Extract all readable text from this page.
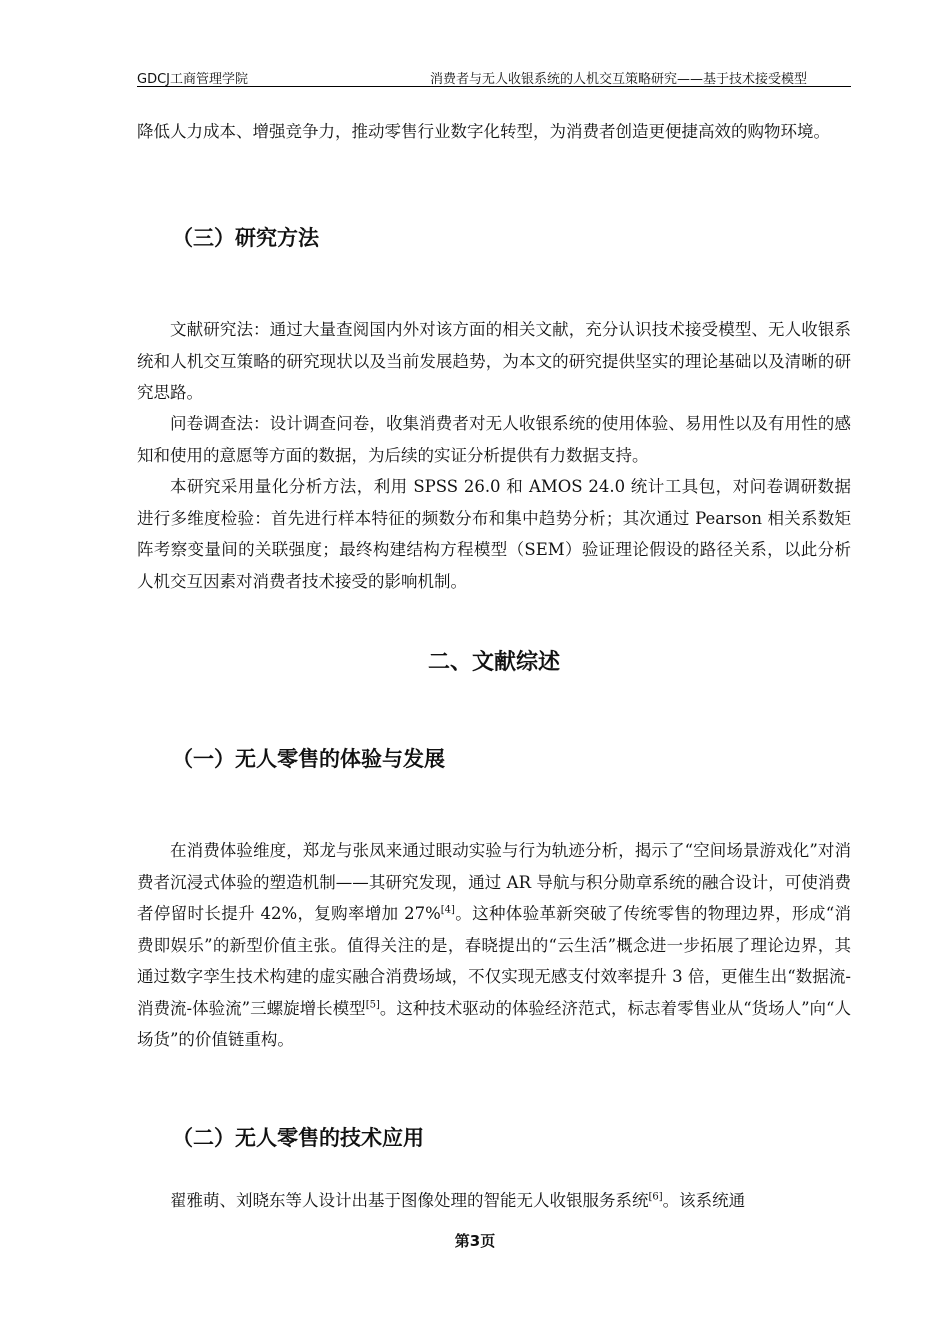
GDCJ工商管理学院	消费者与无人收银系统的人机交互策略研究——基于技术接受模型

降低人力成本、增强竞争力，推动零售行业数字化转型，为消费者创造更便捷高效的购物环境。

（三）研究方法

文献研究法：通过大量查阅国内外对该方面的相关文献，充分认识技术接受模型、无人收银系统和人机交互策略的研究现状以及当前发展趋势，为本文的研究提供坚实的理论基础以及清晰的研究思路。

问卷调查法：设计调查问卷，收集消费者对无人收银系统的使用体验、易用性以及有用性的感知和使用的意愿等方面的数据，为后续的实证分析提供有力数据支持。

本研究采用量化分析方法，利用 SPSS 26.0 和 AMOS 24.0 统计工具包，对问卷调研数据进行多维度检验：首先进行样本特征的频数分布和集中趋势分析；其次通过 Pearson 相关系数矩阵考察变量间的关联强度；最终构建结构方程模型（SEM）验证理论假设的路径关系，以此分析人机交互因素对消费者技术接受的影响机制。

二、文献综述
（一）无人零售的体验与发展

在消费体验维度，郑龙与张凤来通过眼动实验与行为轨迹分析，揭示了“空间场景游戏化”对消费者沉浸式体验的塑造机制——其研究发现，通过 AR 导航与积分勋章系统的融合设计，可使消费者停留时长提升 42%，复购率增加 27%[4]。这种体验革新突破了传统零售的物理边界，形成“消费即娱乐”的新型价值主张。值得关注的是，春晓提出的“云生活”概念进一步拓展了理论边界，其通过数字孪生技术构建的虚实融合消费场域，不仅实现无感支付效率提升 3 倍，更催生出“数据流-消费流-体验流”三螺旋增长模型[5]。这种技术驱动的体验经济范式，标志着零售业从“货场人”向“人场货”的价值链重构。

（二）无人零售的技术应用

翟雅萌、刘晓东等人设计出基于图像处理的智能无人收银服务系统[6]。该系统通

第3页
